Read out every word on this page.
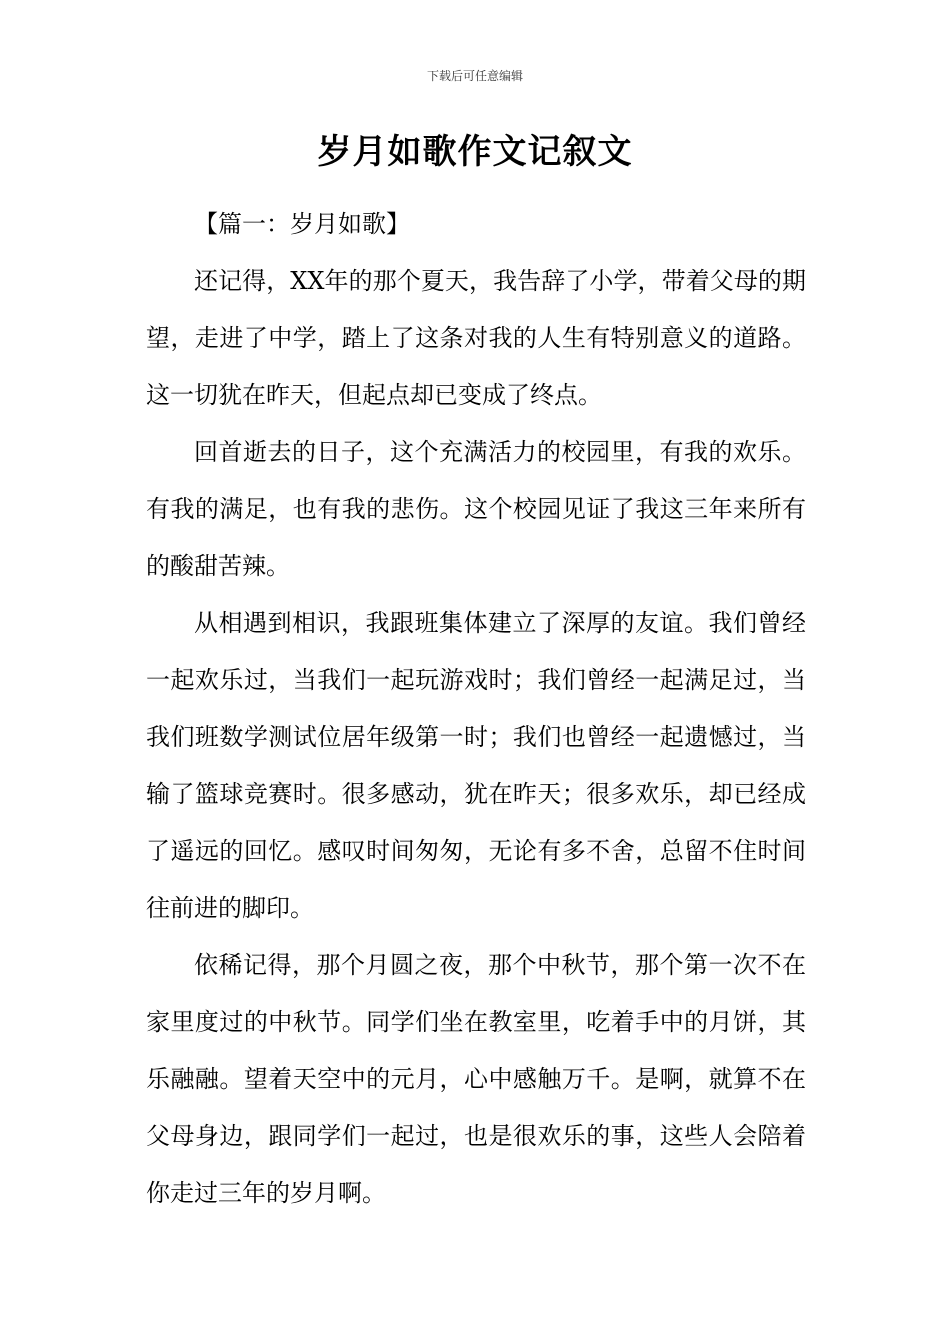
下载后可任意编辑
岁月如歌作文记叙文

【篇一：岁月如歌】

还记得，XX年的那个夏天，我告辞了小学，带着父母的期望，走进了中学，踏上了这条对我的人生有特别意义的道路。这一切犹在昨天，但起点却已变成了终点。

回首逝去的日子，这个充满活力的校园里，有我的欢乐。有我的满足，也有我的悲伤。这个校园见证了我这三年来所有的酸甜苦辣。

从相遇到相识，我跟班集体建立了深厚的友谊。我们曾经一起欢乐过，当我们一起玩游戏时；我们曾经一起满足过，当我们班数学测试位居年级第一时；我们也曾经一起遗憾过，当输了篮球竞赛时。很多感动，犹在昨天；很多欢乐，却已经成了遥远的回忆。感叹时间匆匆，无论有多不舍，总留不住时间往前进的脚印。

依稀记得，那个月圆之夜，那个中秋节，那个第一次不在家里度过的中秋节。同学们坐在教室里，吃着手中的月饼，其乐融融。望着天空中的元月，心中感触万千。是啊，就算不在父母身边，跟同学们一起过，也是很欢乐的事，这些人会陪着你走过三年的岁月啊。
